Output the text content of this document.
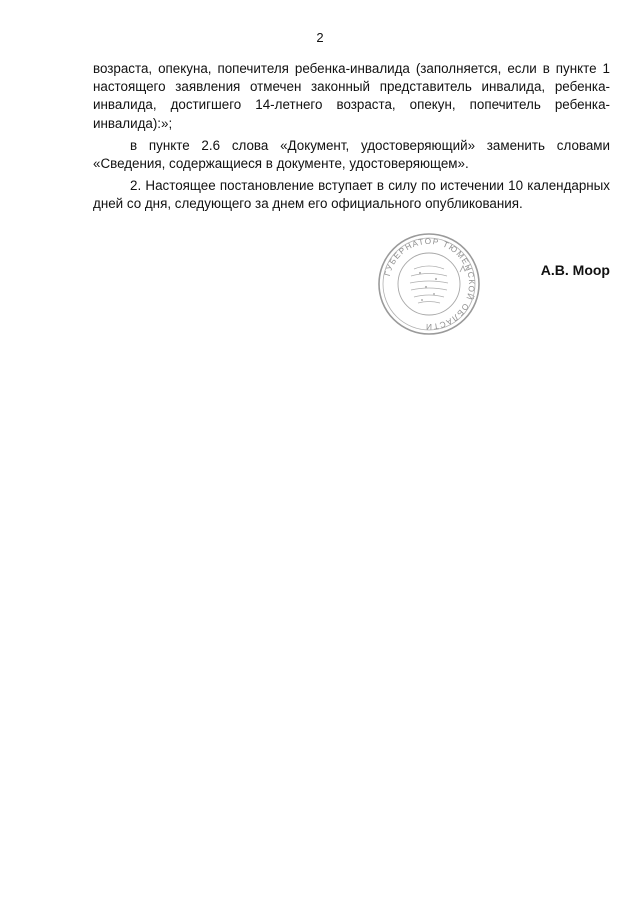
2

возраста, опекуна, попечителя ребенка-инвалида (заполняется, если в пункте 1 настоящего заявления отмечен законный представитель инвалида, ребенка-инвалида, достигшего 14-летнего возраста, опекун, попечитель ребенка-инвалида):»;

в пункте 2.6 слова «Документ, удостоверяющий» заменить словами «Сведения, содержащиеся в документе, удостоверяющем».

2. Настоящее постановление вступает в силу по истечении 10 календарных дней со дня, следующего за днем его официального опубликования.

ГУБЕРНАТОР ТЮМЕНСКОЙ ОБЛАСТИ
А.В. Моор
